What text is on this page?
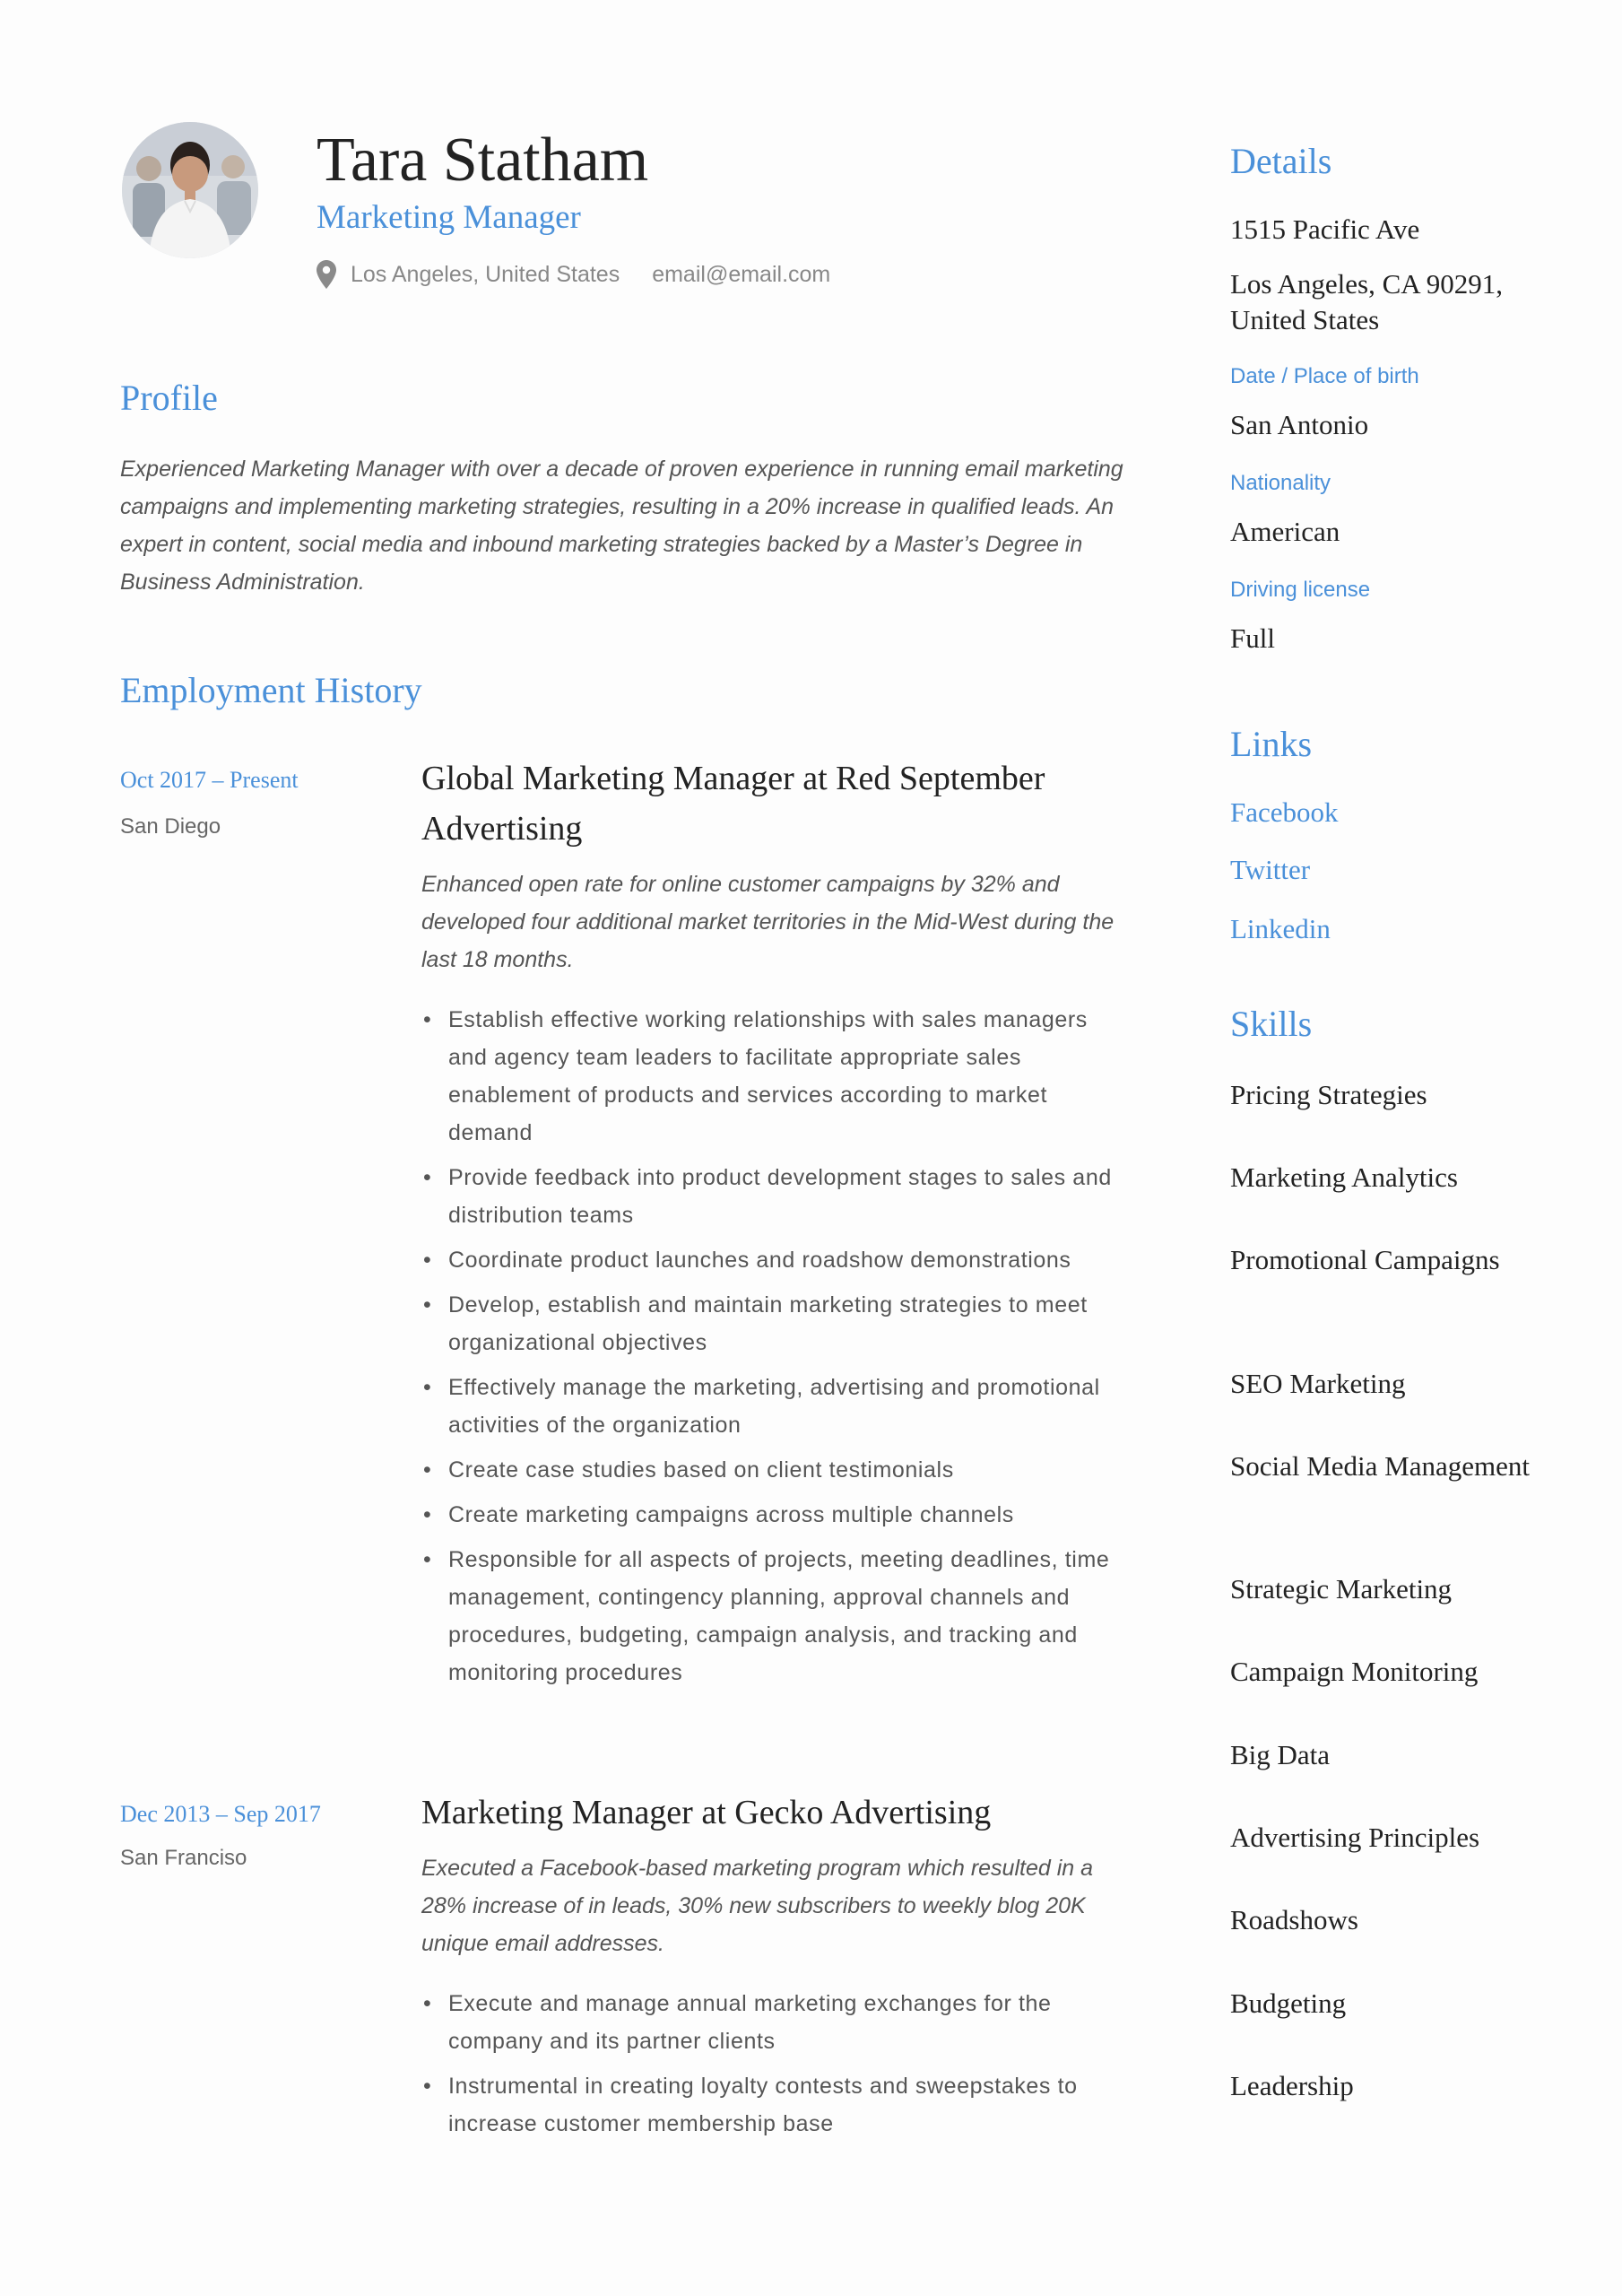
Tara Statham
Marketing Manager
Los Angeles, United States email@email.com
Profile
Experienced Marketing Manager with over a decade of proven experience in running email marketing campaigns and implementing marketing strategies, resulting in a 20% increase in qualified leads. An expert in content, social media and inbound marketing strategies backed by a Master’s Degree in Business Administration.
Employment History
Oct 2017 – Present
San Diego
Global Marketing Manager at Red September Advertising
Enhanced open rate for online customer campaigns by 32% and developed four additional market territories in the Mid-West during the last 18 months.
• Establish effective working relationships with sales managers and agency team leaders to facilitate appropriate sales enablement of products and services according to market demand
• Provide feedback into product development stages to sales and distribution teams
• Coordinate product launches and roadshow demonstrations
• Develop, establish and maintain marketing strategies to meet organizational objectives
• Effectively manage the marketing, advertising and promotional activities of the organization
• Create case studies based on client testimonials
• Create marketing campaigns across multiple channels
• Responsible for all aspects of projects, meeting deadlines, time management, contingency planning, approval channels and procedures, budgeting, campaign analysis, and tracking and monitoring procedures
Dec 2013 – Sep 2017
San Franciso
Marketing Manager at Gecko Advertising
Executed a Facebook-based marketing program which resulted in a 28% increase of in leads, 30% new subscribers to weekly blog 20K unique email addresses.
• Execute and manage annual marketing exchanges for the company and its partner clients
• Instrumental in creating loyalty contests and sweepstakes to increase customer membership base
Details
1515 Pacific Ave
Los Angeles, CA 90291, United States
Date / Place of birth
San Antonio
Nationality
American
Driving license
Full
Links
Facebook
Twitter
Linkedin
Skills
Pricing Strategies
Marketing Analytics
Promotional Campaigns
SEO Marketing
Social Media Management
Strategic Marketing
Campaign Monitoring
Big Data
Advertising Principles
Roadshows
Budgeting
Leadership
